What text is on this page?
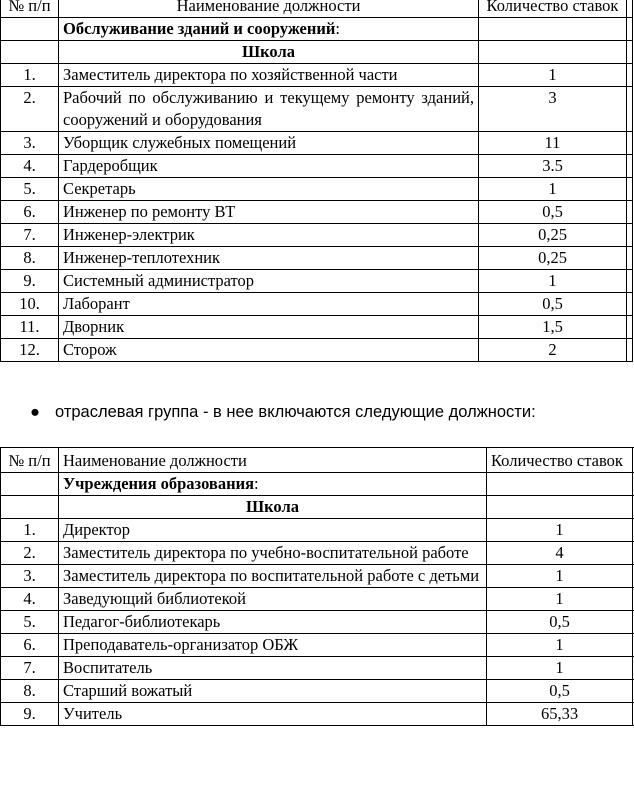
№ п/п	Наименование должности	Количество ставок	
	Обслуживание зданий и сооружений:		
	Школа		
1.	Заместитель директора по хозяйственной части	1	
2.	Рабочий по обслуживанию и текущему ремонту зданий, сооружений и оборудования	3	
3.	Уборщик служебных помещений	11	
4.	Гардеробщик	3.5	
5.	Секретарь	1	
6.	Инженер по ремонту ВТ	0,5	
7.	Инженер-электрик	0,25	
8.	Инженер-теплотехник	0,25	
9.	Системный администратор	1	
10.	Лаборант	0,5	
11.	Дворник	1,5	
12.	Сторож	2	
● отраслевая группа - в нее включаются следующие должности:
№ п/п	Наименование должности	Количество ставок	
	Учреждения образования:		
	Школа		
1.	Директор	1	
2.	Заместитель директора по учебно-воспитательной работе	4	
3.	Заместитель директора по воспитательной работе с детьми	1	
4.	Заведующий библиотекой	1	
5.	Педагог-библиотекарь	0,5	
6.	Преподаватель-организатор ОБЖ	1	
7.	Воспитатель	1	
8.	Старший вожатый	0,5	
9.	Учитель	65,33	
